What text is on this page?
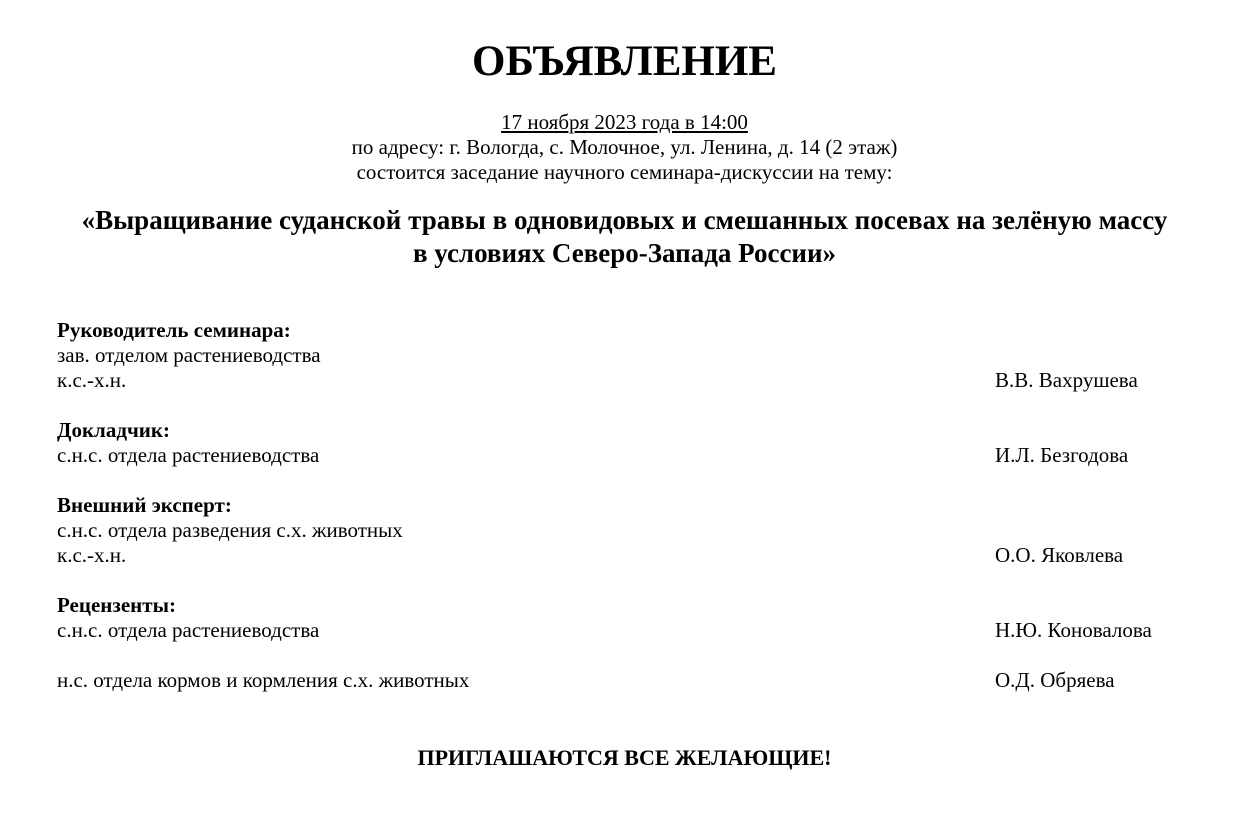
ОБЪЯВЛЕНИЕ
17 ноября 2023 года в 14:00
по адресу: г. Вологда, с. Молочное, ул. Ленина, д. 14 (2 этаж)
состоится заседание научного семинара-дискуссии на тему:
«Выращивание суданской травы в одновидовых и смешанных посевах на зелёную массу
в условиях Северо-Запада России»
Руководитель семинара:
зав. отделом растениеводства
к.с.-х.н.	В.В. Вахрушева
Докладчик:
с.н.с. отдела растениеводства	И.Л. Безгодова
Внешний эксперт:
с.н.с. отдела разведения с.х. животных
к.с.-х.н.	О.О. Яковлева
Рецензенты:
с.н.с. отдела растениеводства	Н.Ю. Коновалова
н.с. отдела кормов и кормления с.х. животных	О.Д. Обряева
ПРИГЛАШАЮТСЯ ВСЕ ЖЕЛАЮЩИЕ!
